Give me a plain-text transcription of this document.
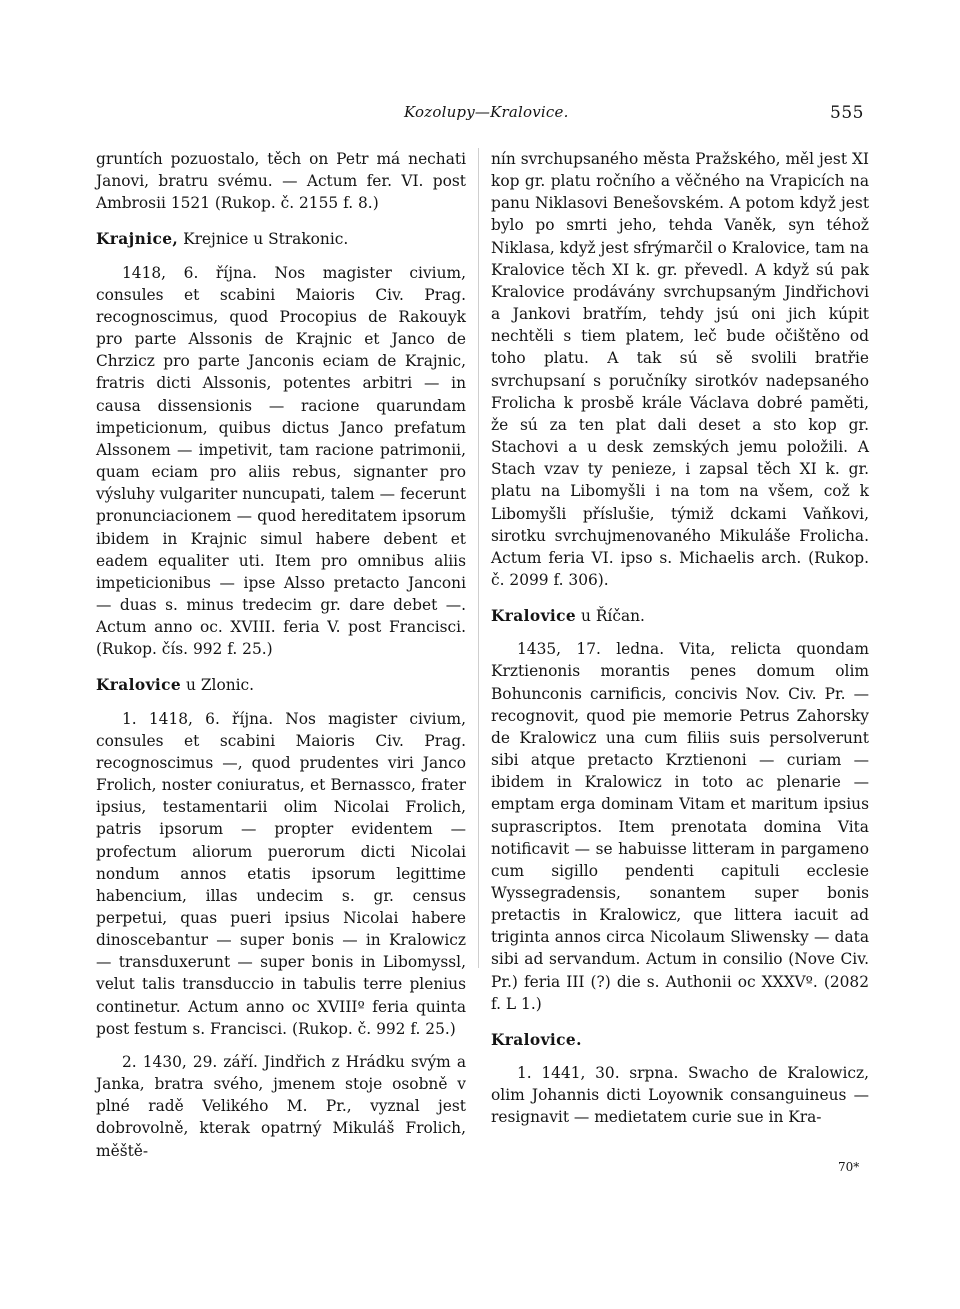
Kozolupy—Kralovice.	555

gruntích pozuostalo, těch on Petr má nechati Janovi, bratru svému. — Actum fer. VI. post Ambrosii 1521 (Rukop. č. 2155 f. 8.)

Krajnice, Krejnice u Strakonic.

1418, 6. října. Nos magister civium, consules et scabini Maioris Civ. Prag. recognoscimus, quod Procopius de Rakouyk pro parte Alssonis de Krajnic et Janco de Chrzicz pro parte Janconis eciam de Krajnic, fratris dicti Alssonis, potentes arbitri — in causa dissensionis — racione quarundam impeticionum, quibus dictus Janco prefatum Alssonem — impetivit, tam racione patrimonii, quam eciam pro aliis rebus, signanter pro výsluhy vulgariter nuncupati, talem — fecerunt pronunciacionem — quod hereditatem ipsorum ibidem in Krajnic simul habere debent et eadem equaliter uti. Item pro omnibus aliis impeticionibus — ipse Alsso pretacto Janconi — duas s. minus tredecim gr. dare debet —. Actum anno oc. XVIII. feria V. post Francisci. (Rukop. čís. 992 f. 25.)

Kralovice u Zlonic.

1. 1418, 6. října. Nos magister civium, consules et scabini Maioris Civ. Prag. recognoscimus —, quod prudentes viri Janco Frolich, noster coniuratus, et Bernassco, frater ipsius, testamentarii olim Nicolai Frolich, patris ipsorum — propter evidentem — profectum aliorum puerorum dicti Nicolai nondum annos etatis ipsorum legittime habencium, illas undecim s. gr. census perpetui, quas pueri ipsius Nicolai habere dinoscebantur — super bonis — in Kralowicz — transduxerunt — super bonis in Libomyssl, velut talis transduccio in tabulis terre plenius continetur. Actum anno oc XVIIIº feria quinta post festum s. Francisci. (Rukop. č. 992 f. 25.)

2. 1430, 29. září. Jindřich z Hrádku svým a Janka, bratra svého, jmenem stoje osobně v plné radě Velikého M. Pr., vyznal jest dobrovolně, kterak opatrný Mikuláš Frolich, měště-

nín svrchupsaného města Pražského, měl jest XI kop gr. platu ročního a věčného na Vrapicích na panu Niklasovi Benešovském. A potom když jest bylo po smrti jeho, tehda Vaněk, syn téhož Niklasa, když jest sfrýmarčil o Kralovice, tam na Kralovice těch XI k. gr. převedl. A když sú pak Kralovice prodávány svrchupsaným Jindřichovi a Jankovi bratřím, tehdy jsú oni jich kúpit nechtěli s tiem platem, leč bude očištěno od toho platu. A tak sú sě svolili bratřie svrchupsaní s poručníky sirotkóv nadepsaného Frolicha k prosbě krále Václava dobré paměti, že sú za ten plat dali deset a sto kop gr. Stachovi a u desk zemských jemu položili. A Stach vzav ty penieze, i zapsal těch XI k. gr. platu na Libomyšli i na tom na všem, což k Libomyšli příslušie, týmiž dckami Vaňkovi, sirotku svrchujmenovaného Mikuláše Frolicha. Actum feria VI. ipso s. Michaelis arch. (Rukop. č. 2099 f. 306).

Kralovice u Říčan.

1435, 17. ledna. Vita, relicta quondam Krztienonis morantis penes domum olim Bohunconis carnificis, concivis Nov. Civ. Pr. — recognovit, quod pie memorie Petrus Zahorsky de Kralowicz una cum filiis suis persolverunt sibi atque pretacto Krztienoni — curiam — ibidem in Kralowicz in toto ac plenarie — emptam erga dominam Vitam et maritum ipsius suprascriptos. Item prenotata domina Vita notificavit — se habuisse litteram in pargameno cum sigillo pendenti capituli ecclesie Wyssegradensis, sonantem super bonis pretactis in Kralowicz, que littera iacuit ad triginta annos circa Nicolaum Sliwensky — data sibi ad servandum. Actum in consilio (Nove Civ. Pr.) feria III (?) die s. Authonii oc XXXVº. (2082 f. L 1.)

Kralovice.

1. 1441, 30. srpna. Swacho de Kralowicz, olim Johannis dicti Loyownik consanguineus — resignavit — medietatem curie sue in Kra-

70*
